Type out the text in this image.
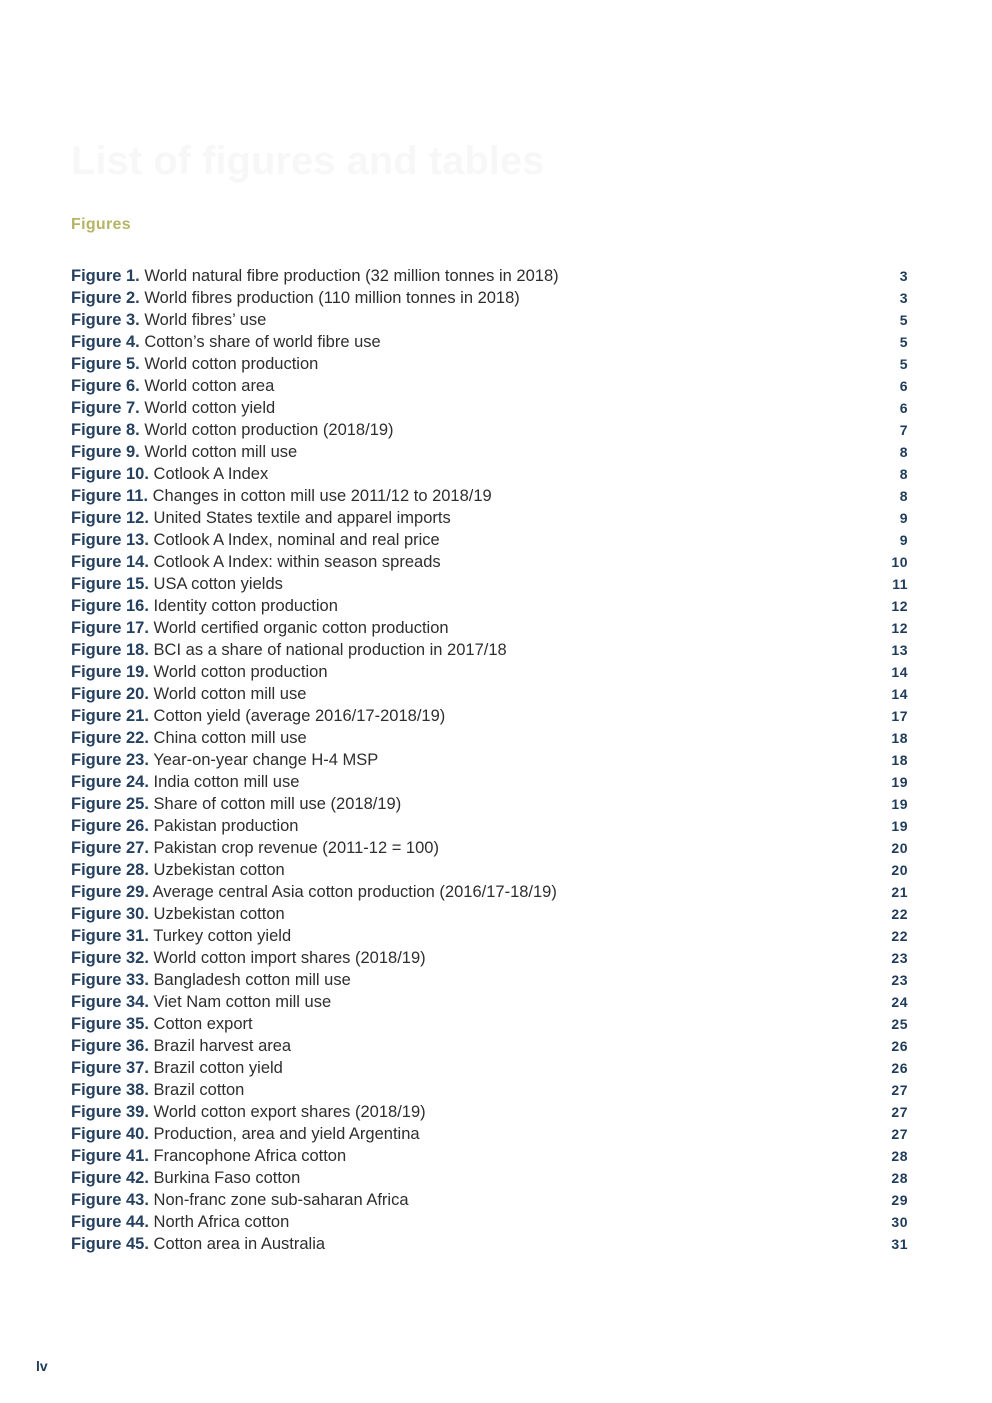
List of figures and tables
Figures
Figure 1. World natural fibre production (32 million tonnes in 2018)	3
Figure 2. World fibres production (110 million tonnes in 2018)	3
Figure 3. World fibres’ use	5
Figure 4. Cotton’s share of world fibre use	5
Figure 5. World cotton production	5
Figure 6. World cotton area	6
Figure 7. World cotton yield	6
Figure 8. World cotton production (2018/19)	7
Figure 9. World cotton mill use	8
Figure 10. Cotlook A Index	8
Figure 11. Changes in cotton mill use 2011/12 to 2018/19	8
Figure 12. United States textile and apparel imports	9
Figure 13. Cotlook A Index, nominal and real price	9
Figure 14. Cotlook A Index: within season spreads	10
Figure 15. USA cotton yields	11
Figure 16. Identity cotton production	12
Figure 17. World certified organic cotton production	12
Figure 18. BCI as a share of national production in 2017/18	13
Figure 19. World cotton production	14
Figure 20. World cotton mill use	14
Figure 21. Cotton yield (average 2016/17-2018/19)	17
Figure 22. China cotton mill use	18
Figure 23. Year-on-year change H-4 MSP	18
Figure 24. India cotton mill use	19
Figure 25. Share of cotton mill use (2018/19)	19
Figure 26. Pakistan production	19
Figure 27. Pakistan crop revenue (2011-12 = 100)	20
Figure 28. Uzbekistan cotton	20
Figure 29. Average central Asia cotton production (2016/17-18/19)	21
Figure 30. Uzbekistan cotton	22
Figure 31. Turkey cotton yield	22
Figure 32. World cotton import shares (2018/19)	23
Figure 33. Bangladesh cotton mill use	23
Figure 34. Viet Nam cotton mill use	24
Figure 35. Cotton export	25
Figure 36. Brazil harvest area	26
Figure 37. Brazil cotton yield	26
Figure 38. Brazil cotton	27
Figure 39. World cotton export shares (2018/19)	27
Figure 40. Production, area and yield Argentina	27
Figure 41. Francophone Africa cotton	28
Figure 42. Burkina Faso cotton	28
Figure 43. Non-franc zone sub-saharan Africa	29
Figure 44. North Africa cotton	30
Figure 45. Cotton area in Australia	31
lv
